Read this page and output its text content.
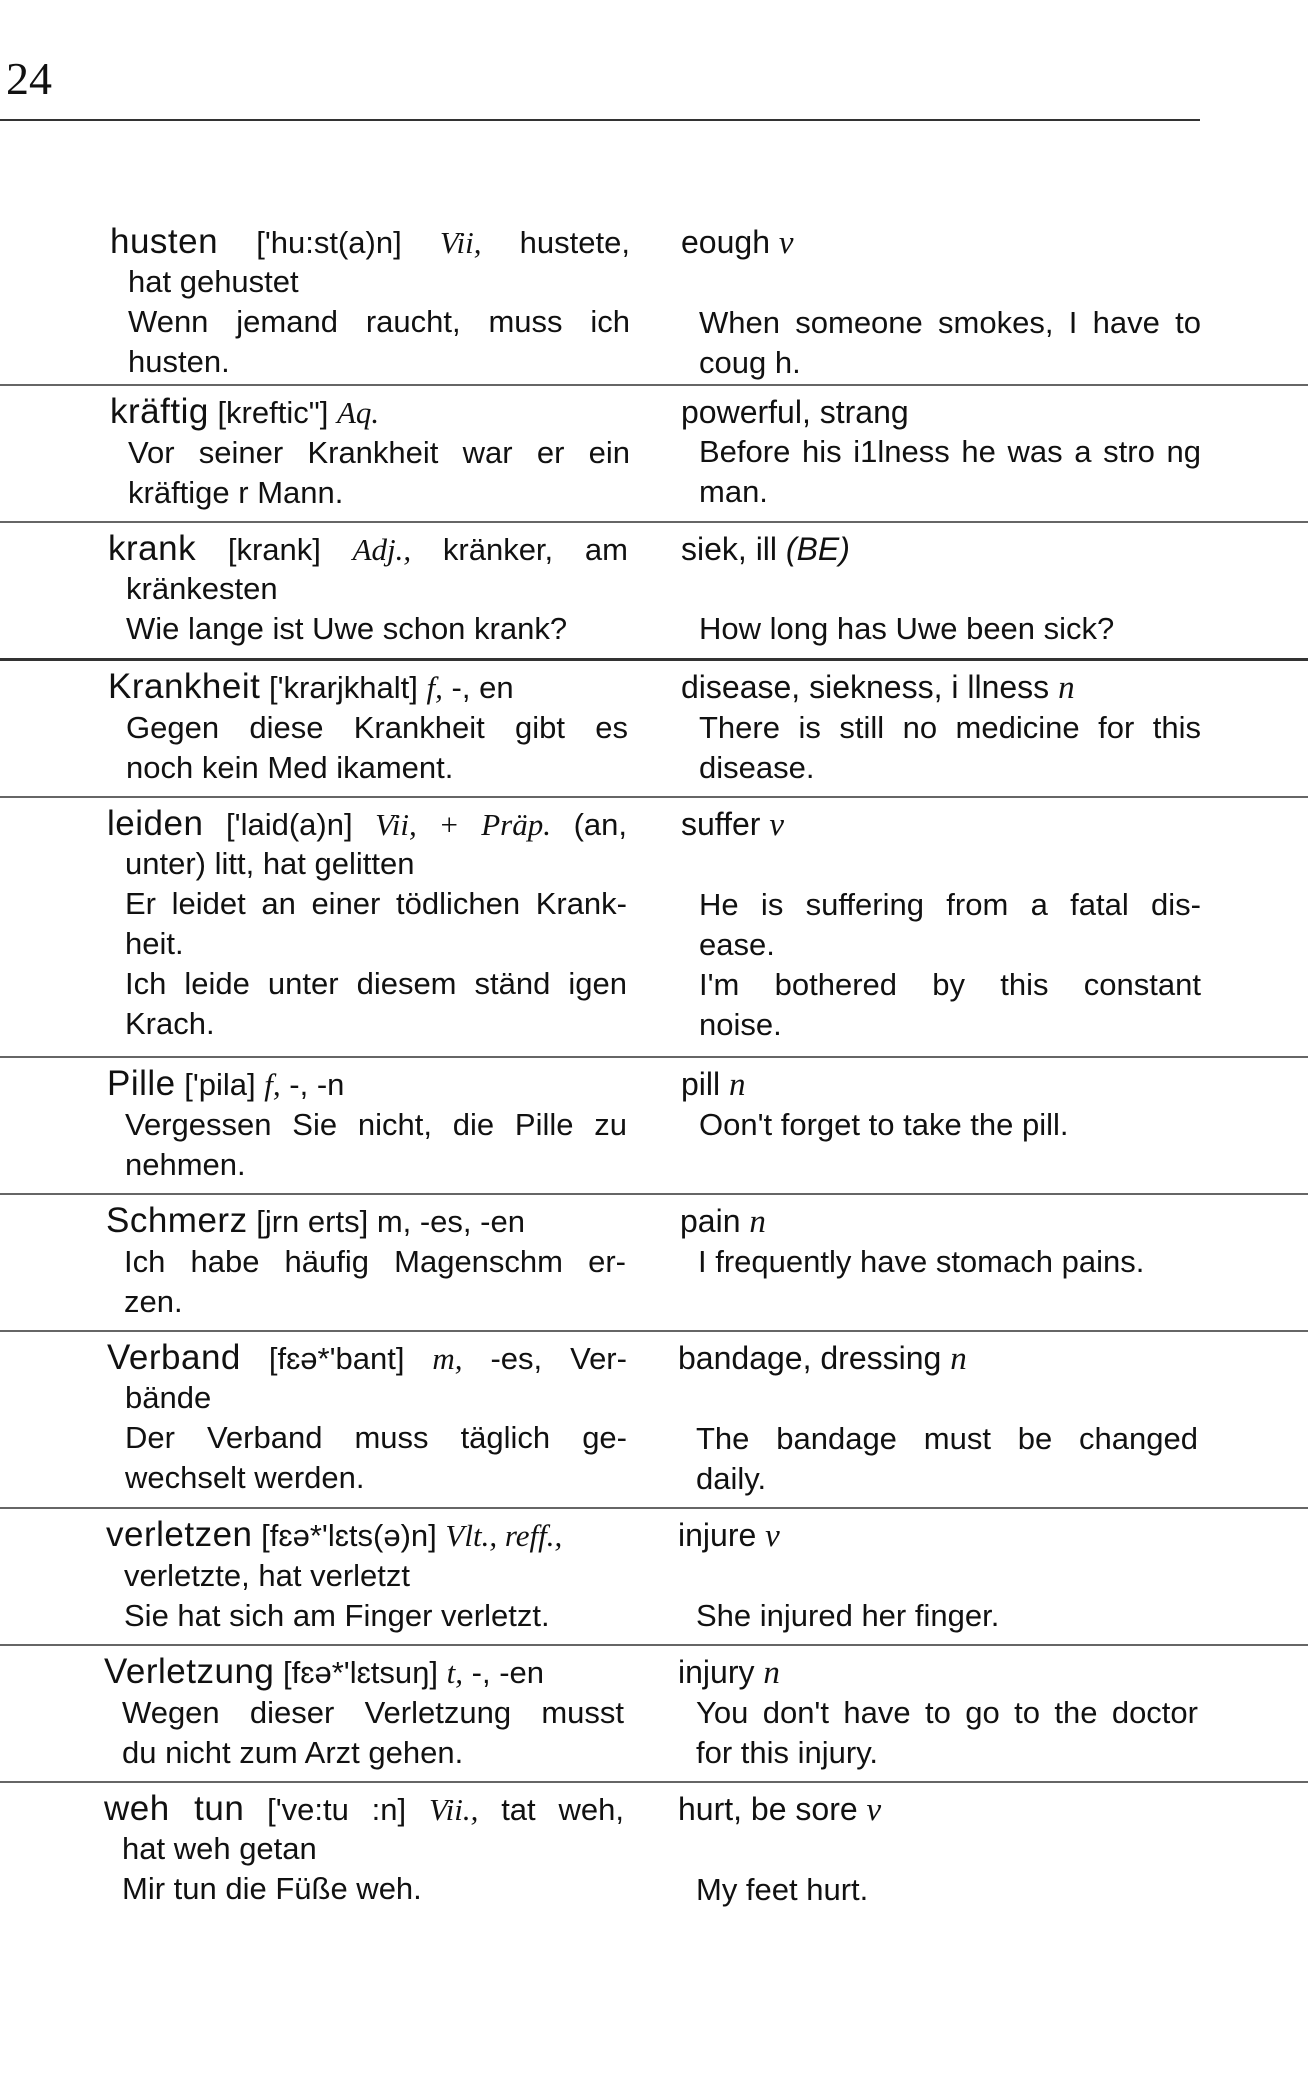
24
husten ['hu:st(a)n] Vii, hustete,
hat gehustet
Wenn jemand raucht, muss ich
husten.
eough v

When someone smokes, I have to
coug h.
kräftig [kreftic"] Aq.
Vor seiner Krankheit war er ein
kräftige r Mann.
powerful, strang
Before his i1lness he was a stro ng
man.
krank [krank] Adj., kränker, am
kränkesten
Wie lange ist Uwe schon krank?
siek, ill (BE)

How long has Uwe been sick?
Krankheit ['krarjkhalt] f, -, en
Gegen diese Krankheit gibt es
noch kein Med ikament.
disease, siekness, i llness n
There is still no medicine for this
disease.
leiden ['laid(a)n] Vii, + Präp. (an,
unter) litt, hat gelitten
Er leidet an einer tödlichen Krank-
heit.
Ich leide unter diesem ständ igen
Krach.
suffer v

He is suffering from a fatal dis-
ease.
I'm bothered by this constant
noise.
Pille ['pila] f, -, -n
Vergessen Sie nicht, die Pille zu
nehmen.
pill n
Oon't forget to take the pill.
Schmerz [jrn erts] m, -es, -en
Ich habe häufig Magenschm er-
zen.
pain n
I frequently have stomach pains.
Verband [fɛə*'bant] m, -es, Ver-
bände
Der Verband muss täglich ge-
wechselt werden.
bandage, dressing n

The bandage must be changed
daily.
verletzen [fɛə*'lɛts(ə)n] Vlt., reff.,
verletzte, hat verletzt
Sie hat sich am Finger verletzt.
injure v

She injured her finger.
Verletzung [fɛə*'lɛtsuŋ] t, -, -en
Wegen dieser Verletzung musst
du nicht zum Arzt gehen.
injury n
You don't have to go to the doctor
for this injury.
weh tun ['ve:tu :n] Vii., tat weh,
hat weh getan
Mir tun die Füße weh.
hurt, be sore v

My feet hurt.
